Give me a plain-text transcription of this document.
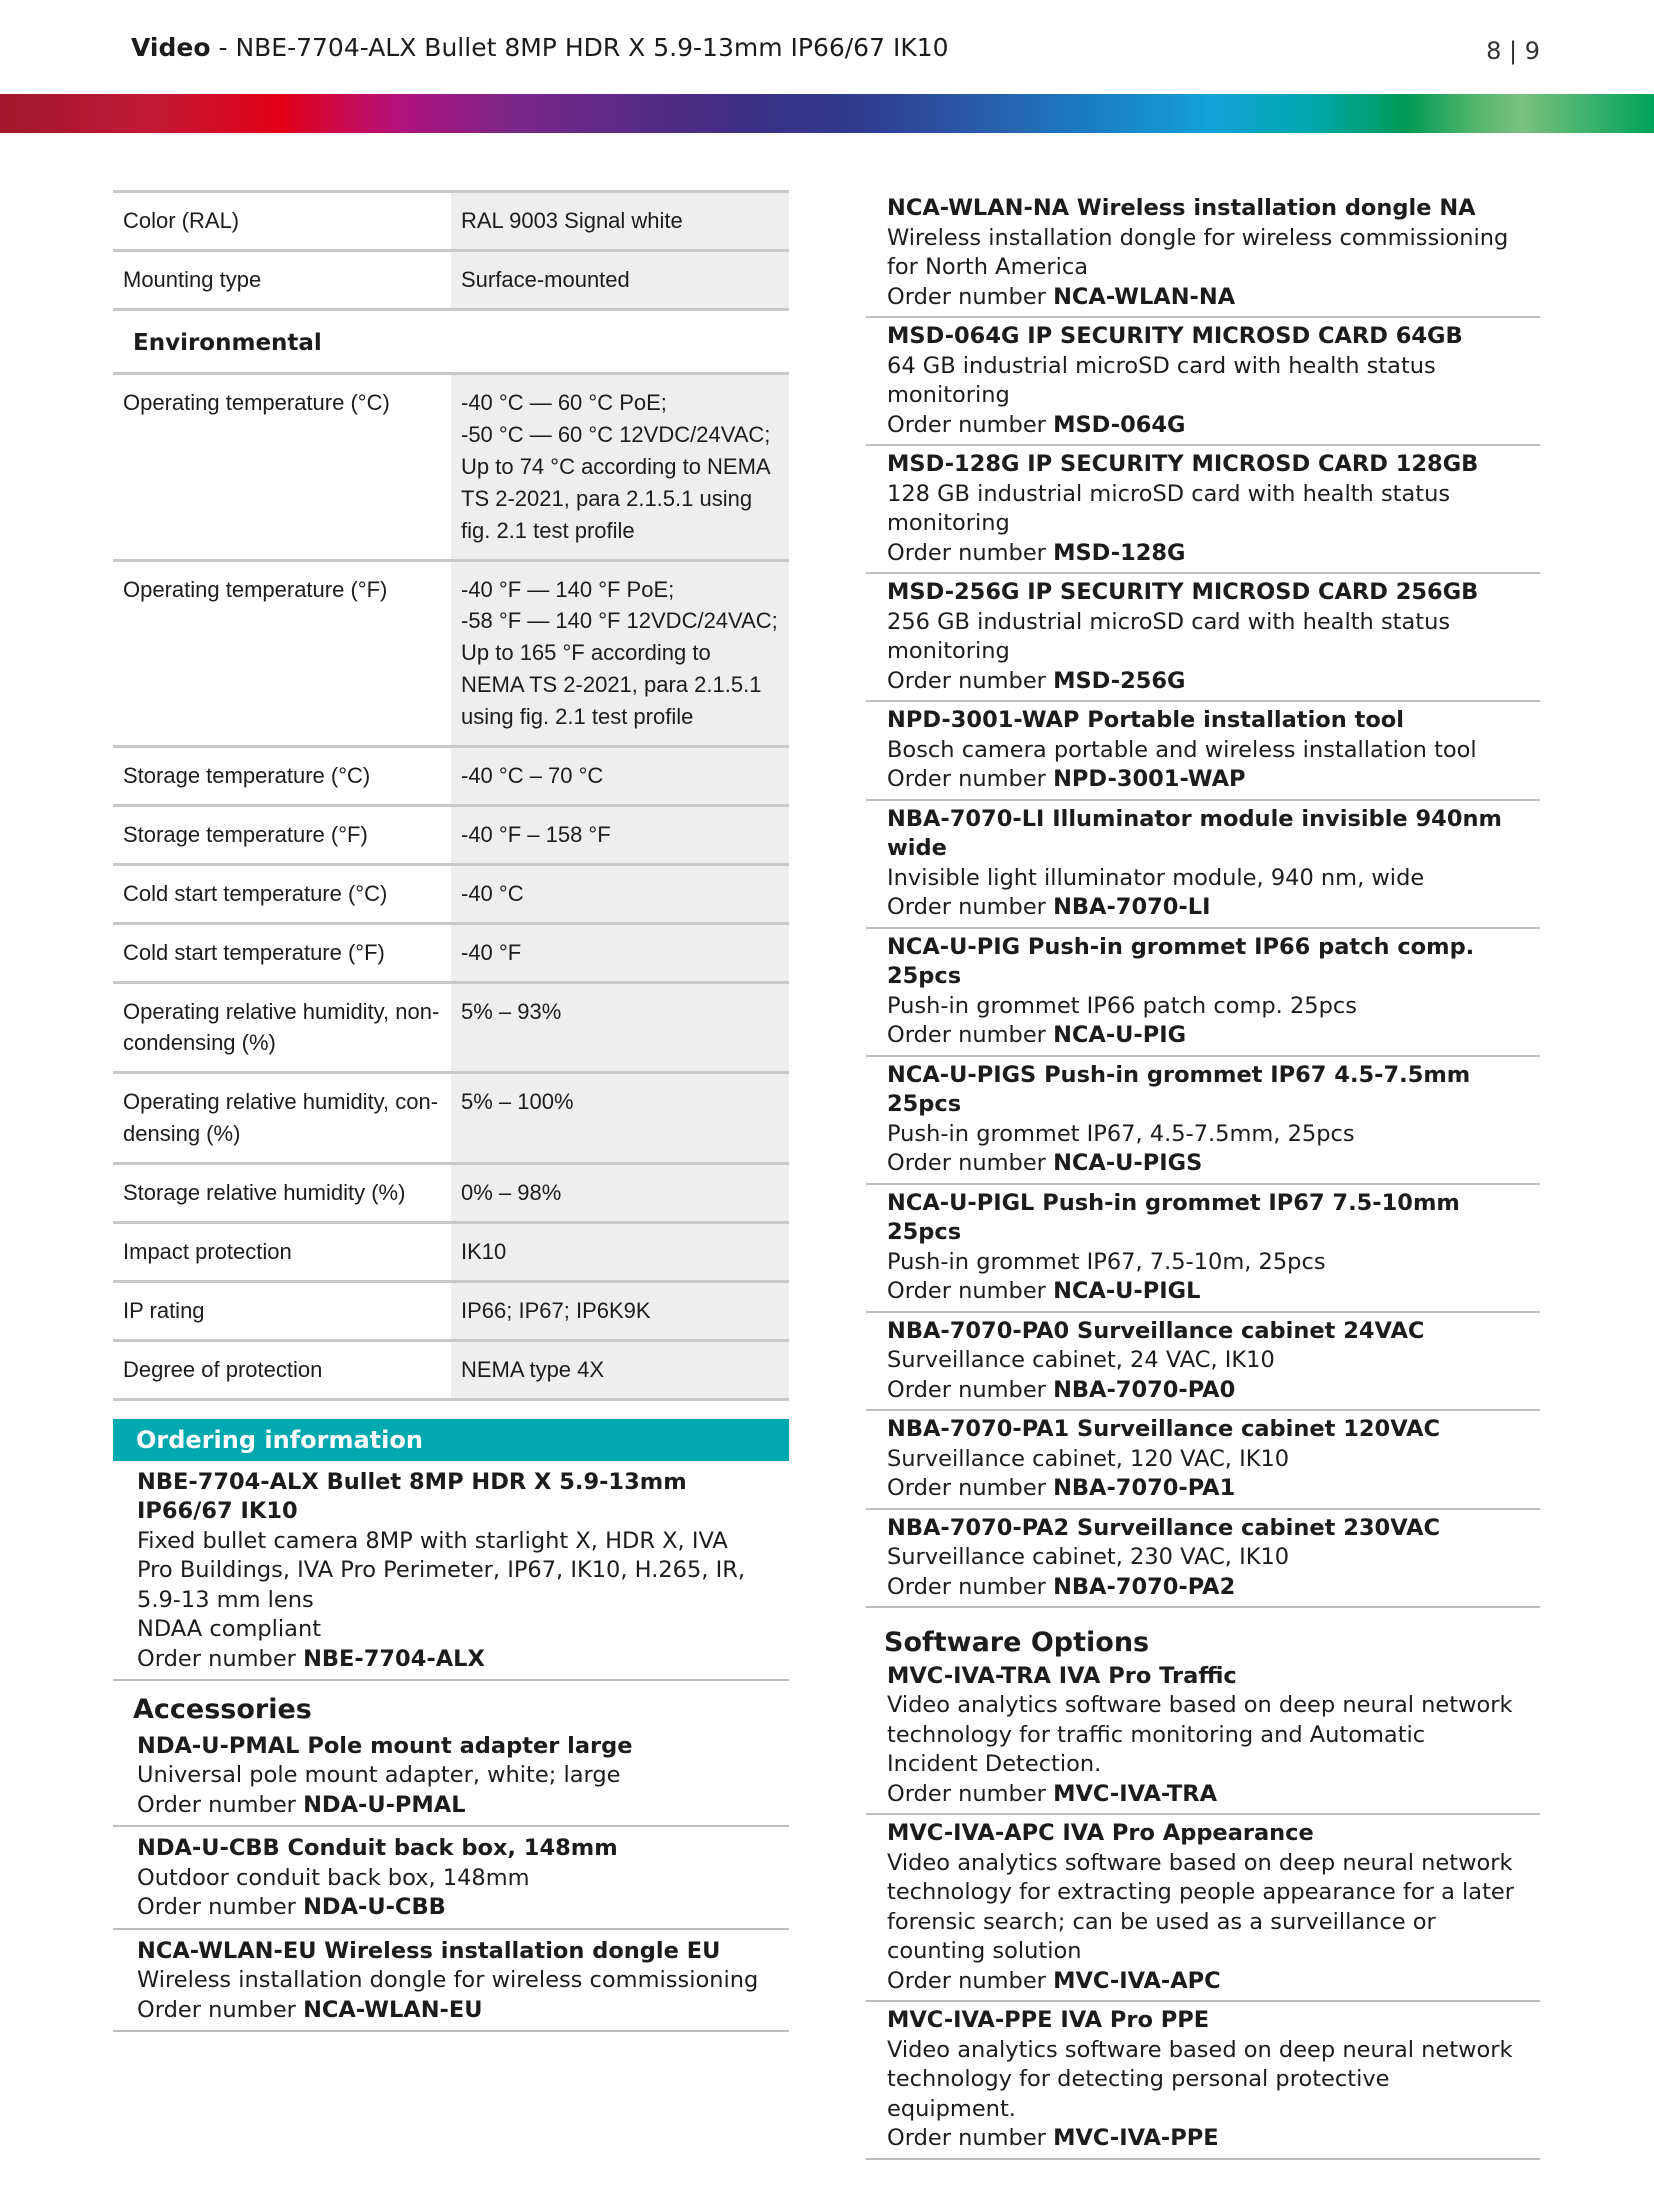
Video - NBE-7704-ALX Bullet 8MP HDR X 5.9-13mm IP66/67 IK10	8 | 9
Color (RAL)	RAL 9003 Signal white

Mounting type	Surface-mounted

Environmental	
Operating temperature (°C)	-40 °C — 60 °C PoE;
-50 °C — 60 °C 12VDC/24VAC;
Up to 74 °C according to NEMA TS 2-2021, para 2.1.5.1 using fig. 2.1 test profile

Operating temperature (°F)	-40 °F — 140 °F PoE;
-58 °F — 140 °F 12VDC/24VAC;
Up to 165 °F according to NEMA TS 2-2021, para 2.1.5.1 using fig. 2.1 test profile

Storage temperature (°C)	-40 °C – 70 °C

Storage temperature (°F)	-40 °F – 158 °F

Cold start temperature (°C)	-40 °C

Cold start temperature (°F)	-40 °F

Operating relative humidity, non-condensing (%)	5% – 93%

Operating relative humidity, con-densing (%)	5% – 100%

Storage relative humidity (%)	0% – 98%

Impact protection	IK10

IP rating	IP66; IP67; IP6K9K

Degree of protection	NEMA type 4X
Ordering information
NBE-7704-ALX Bullet 8MP HDR X 5.9-13mm IP66/67 IK10
Fixed bullet camera 8MP with starlight X, HDR X, IVA Pro Buildings, IVA Pro Perimeter, IP67, IK10, H.265, IR, 5.9-13 mm lens
NDAA compliant
Order number NBE-7704-ALX
Accessories
NDA-U-PMAL Pole mount adapter large
Universal pole mount adapter, white; large
Order number NDA-U-PMAL
NDA-U-CBB Conduit back box, 148mm
Outdoor conduit back box, 148mm
Order number NDA-U-CBB
NCA-WLAN-EU Wireless installation dongle EU
Wireless installation dongle for wireless commissioning
Order number NCA-WLAN-EU
NCA-WLAN-NA Wireless installation dongle NA
Wireless installation dongle for wireless commissioning for North America
Order number NCA-WLAN-NA
MSD-064G IP SECURITY MICROSD CARD 64GB
64 GB industrial microSD card with health status monitoring
Order number MSD-064G
MSD-128G IP SECURITY MICROSD CARD 128GB
128 GB industrial microSD card with health status monitoring
Order number MSD-128G
MSD-256G IP SECURITY MICROSD CARD 256GB
256 GB industrial microSD card with health status monitoring
Order number MSD-256G
NPD-3001-WAP Portable installation tool
Bosch camera portable and wireless installation tool
Order number NPD-3001-WAP
NBA-7070-LI Illuminator module invisible 940nm wide
Invisible light illuminator module, 940 nm, wide
Order number NBA-7070-LI
NCA-U-PIG Push-in grommet IP66 patch comp. 25pcs
Push-in grommet IP66 patch comp. 25pcs
Order number NCA-U-PIG
NCA-U-PIGS Push-in grommet IP67 4.5-7.5mm 25pcs
Push-in grommet IP67, 4.5-7.5mm, 25pcs
Order number NCA-U-PIGS
NCA-U-PIGL Push-in grommet IP67 7.5-10mm 25pcs
Push-in grommet IP67, 7.5-10m, 25pcs
Order number NCA-U-PIGL
NBA-7070-PA0 Surveillance cabinet 24VAC
Surveillance cabinet, 24 VAC, IK10
Order number NBA-7070-PA0
NBA-7070-PA1 Surveillance cabinet 120VAC
Surveillance cabinet, 120 VAC, IK10
Order number NBA-7070-PA1
NBA-7070-PA2 Surveillance cabinet 230VAC
Surveillance cabinet, 230 VAC, IK10
Order number NBA-7070-PA2
Software Options
MVC-IVA-TRA IVA Pro Traffic
Video analytics software based on deep neural network technology for traffic monitoring and Automatic Incident Detection.
Order number MVC-IVA-TRA
MVC-IVA-APC IVA Pro Appearance
Video analytics software based on deep neural network technology for extracting people appearance for a later forensic search; can be used as a surveillance or counting solution
Order number MVC-IVA-APC
MVC-IVA-PPE IVA Pro PPE
Video analytics software based on deep neural network technology for detecting personal protective equipment.
Order number MVC-IVA-PPE
